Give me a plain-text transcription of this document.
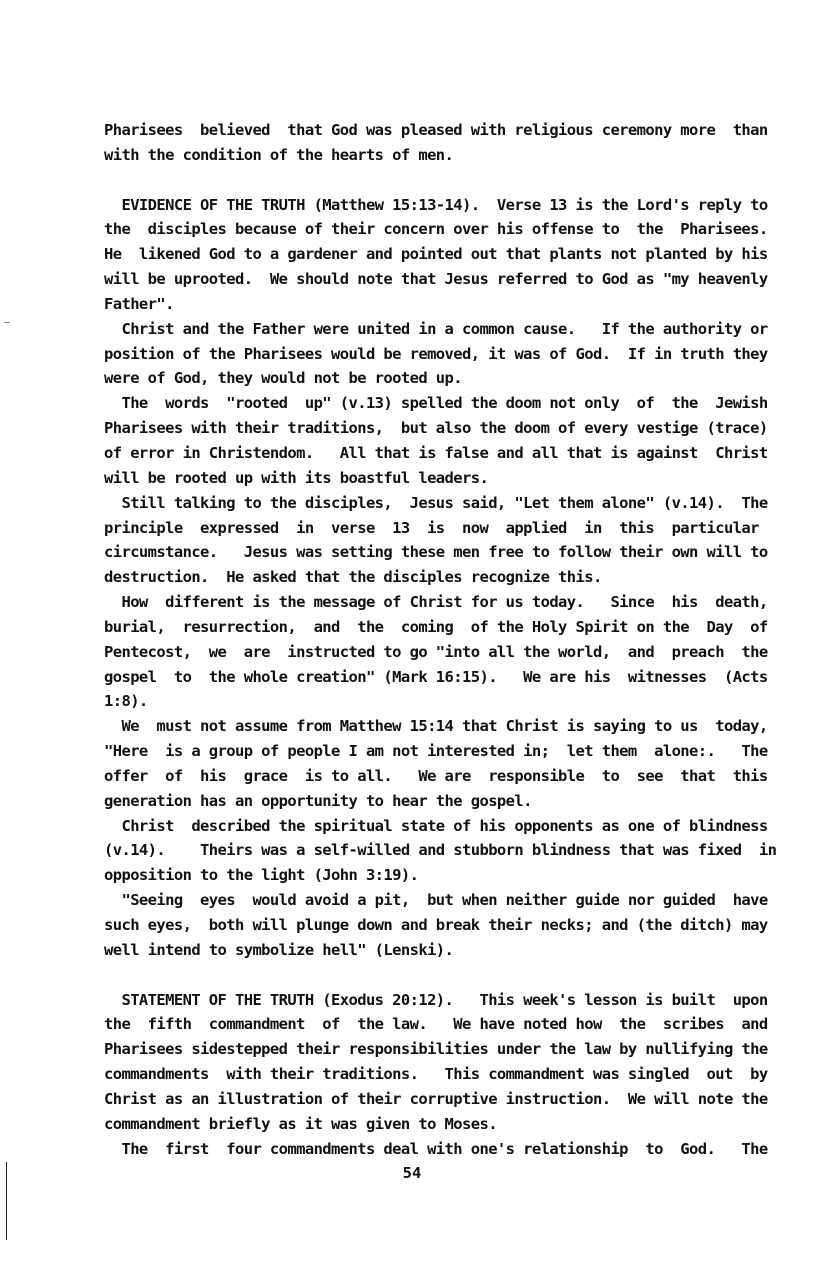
Pharisees  believed  that God was pleased with religious ceremony more  than
with the condition of the hearts of men.
EVIDENCE OF THE TRUTH (Matthew 15:13-14).  Verse 13 is the Lord's reply to
the  disciples because of their concern over his offense to  the  Pharisees.
He  likened God to a gardener and pointed out that plants not planted by his
will be uprooted.  We should note that Jesus referred to God as "my heavenly
Father".
Christ and the Father were united in a common cause.   If the authority or
position of the Pharisees would be removed, it was of God.  If in truth they
were of God, they would not be rooted up.
The  words  "rooted  up" (v.13) spelled the doom not only  of  the  Jewish
Pharisees with their traditions,  but also the doom of every vestige (trace)
of error in Christendom.   All that is false and all that is against  Christ
will be rooted up with its boastful leaders.
Still talking to the disciples,  Jesus said, "Let them alone" (v.14).  The
principle  expressed  in  verse  13  is  now  applied  in  this  particular
circumstance.   Jesus was setting these men free to follow their own will to
destruction.  He asked that the disciples recognize this.
How  different is the message of Christ for us today.   Since  his  death,
burial,  resurrection,  and  the  coming  of the Holy Spirit on the  Day  of
Pentecost,  we  are  instructed to go "into all the world,  and  preach  the
gospel  to  the whole creation" (Mark 16:15).   We are his  witnesses  (Acts
1:8).
We  must not assume from Matthew 15:14 that Christ is saying to us  today,
"Here  is a group of people I am not interested in;  let them  alone:.   The
offer  of  his  grace  is to all.   We are  responsible  to  see  that  this
generation has an opportunity to hear the gospel.
Christ  described the spiritual state of his opponents as one of blindness
(v.14).    Theirs was a self-willed and stubborn blindness that was fixed  in
opposition to the light (John 3:19).
"Seeing  eyes  would avoid a pit,  but when neither guide nor guided  have
such eyes,  both will plunge down and break their necks; and (the ditch) may
well intend to symbolize hell" (Lenski).
STATEMENT OF THE TRUTH (Exodus 20:12).   This week's lesson is built  upon
the  fifth  commandment  of  the law.   We have noted how  the  scribes  and
Pharisees sidestepped their responsibilities under the law by nullifying the
commandments  with their traditions.   This commandment was singled  out  by
Christ as an illustration of their corruptive instruction.  We will note the
commandment briefly as it was given to Moses.
The  first  four commandments deal with one's relationship  to  God.   The
54
